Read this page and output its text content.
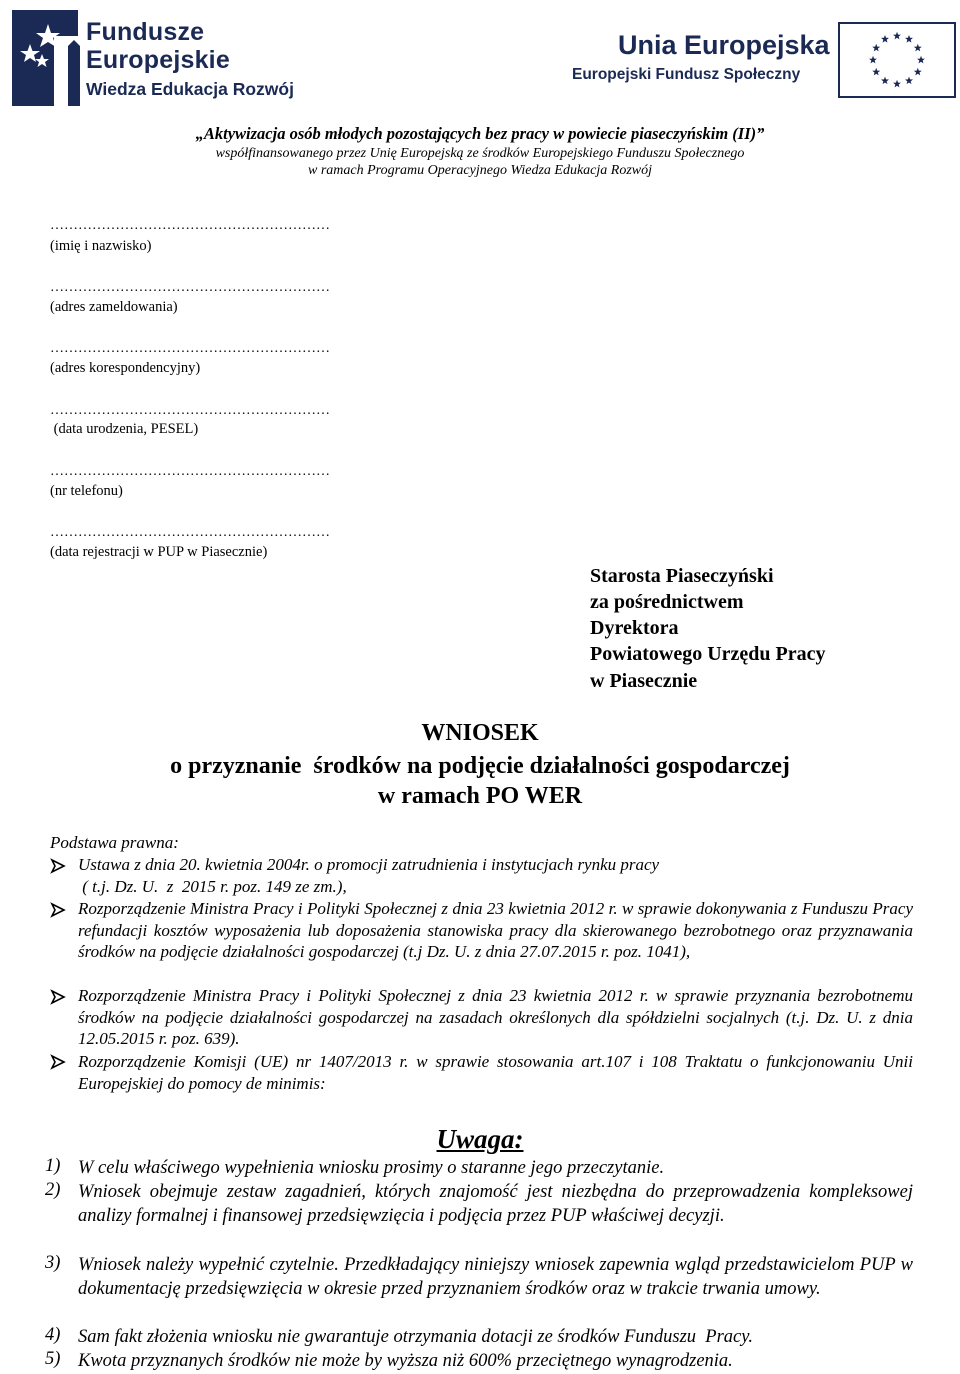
Fundusze
Europejskie
Wiedza Edukacja Rozwój
Unia Europejska
Europejski Fundusz Społeczny
„Aktywizacja osób młodych pozostających bez pracy w powiecie piaseczyńskim (II)”
współfinansowanego przez Unię Europejską ze środków Europejskiego Funduszu Społecznego
w ramach Programu Operacyjnego Wiedza Edukacja Rozwój
……………………………………………………
(imię i nazwisko)
……………………………………………………
(adres zameldowania)
……………………………………………………
(adres korespondencyjny)
……………………………………………………
(data urodzenia, PESEL)
……………………………………………………
(nr telefonu)
……………………………………………………
(data rejestracji w PUP w Piasecznie)
Starosta Piaseczyński
za pośrednictwem
Dyrektora
Powiatowego Urzędu Pracy
w Piasecznie
WNIOSEK
o przyznanie  środków na podjęcie działalności gospodarczej
w ramach PO WER
Podstawa prawna:
Ustawa z dnia 20. kwietnia 2004r. o promocji zatrudnienia i instytucjach rynku pracy
( t.j. Dz. U.  z  2015 r. poz. 149 ze zm.),
Rozporządzenie Ministra Pracy i Polityki Społecznej z dnia 23 kwietnia 2012 r. w sprawie dokonywania z Funduszu Pracy refundacji kosztów wyposażenia lub doposażenia stanowiska pracy dla skierowanego bezrobotnego oraz przyznawania środków na podjęcie działalności gospodarczej (t.j Dz. U. z dnia 27.07.2015 r. poz. 1041),
Rozporządzenie Ministra Pracy i Polityki Społecznej z dnia 23 kwietnia 2012 r. w sprawie przyznania bezrobotnemu środków na podjęcie działalności gospodarczej na zasadach określonych dla spółdzielni socjalnych (t.j. Dz. U. z dnia 12.05.2015 r. poz. 639).
Rozporządzenie Komisji (UE) nr 1407/2013 r. w sprawie stosowania art.107 i 108 Traktatu o funkcjonowaniu Unii Europejskiej do pomocy de minimis:
Uwaga:
1) W celu właściwego wypełnienia wniosku prosimy o staranne jego przeczytanie.
2) Wniosek obejmuje zestaw zagadnień, których znajomość jest niezbędna do przeprowadzenia kompleksowej analizy formalnej i finansowej przedsięwzięcia i podjęcia przez PUP właściwej decyzji.
3) Wniosek należy wypełnić czytelnie. Przedkładający niniejszy wniosek zapewnia wgląd przedstawicielom PUP w dokumentację przedsięwzięcia w okresie przed przyznaniem środków oraz w trakcie trwania umowy.
4) Sam fakt złożenia wniosku nie gwarantuje otrzymania dotacji ze środków Funduszu  Pracy.
5) Kwota przyznanych środków nie może by wyższa niż 600% przeciętnego wynagrodzenia.
